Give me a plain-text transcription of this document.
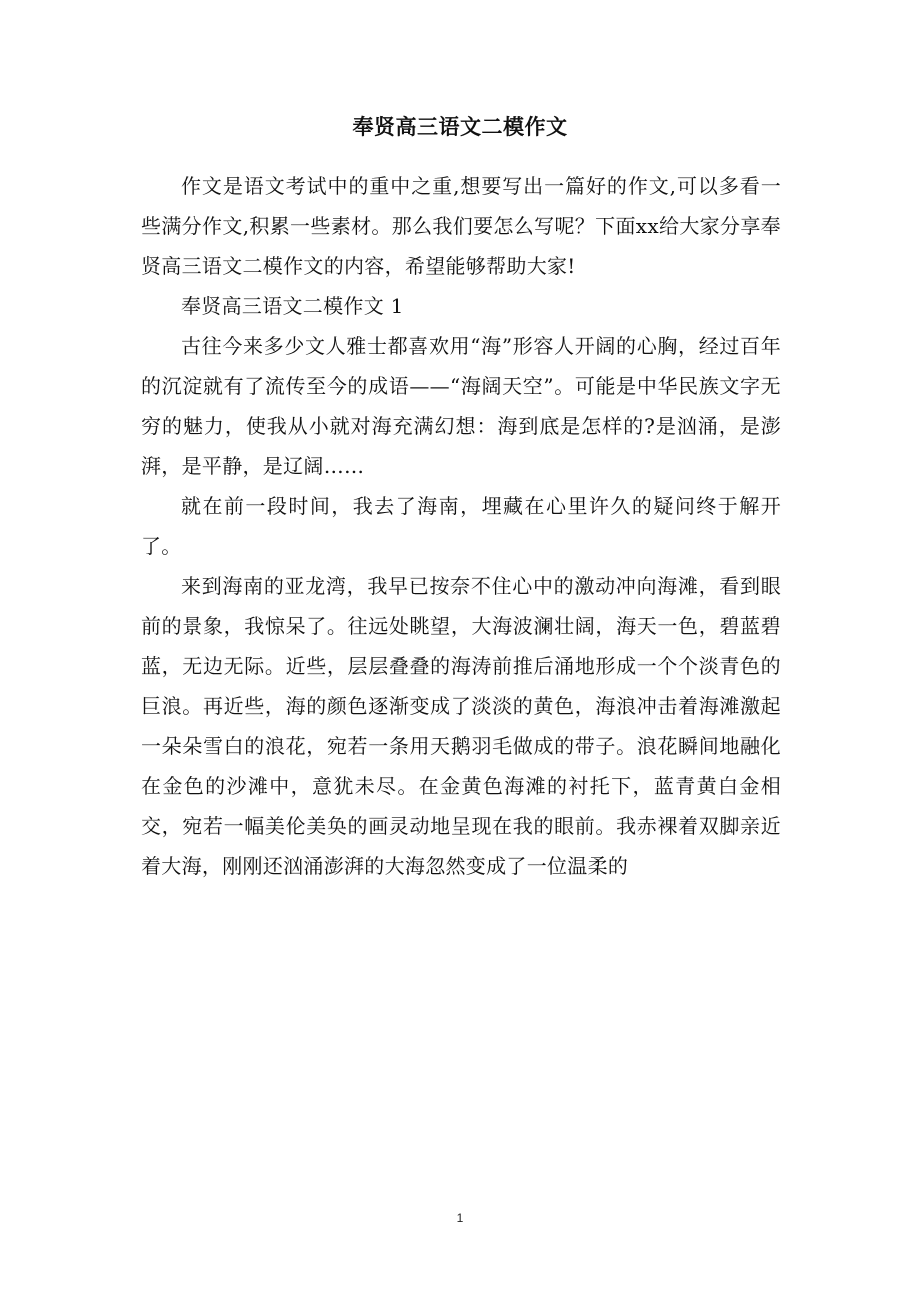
奉贤高三语文二模作文

作文是语文考试中的重中之重,想要写出一篇好的作文,可以多看一些满分作文,积累一些素材。那么我们要怎么写呢？下面xx给大家分享奉贤高三语文二模作文的内容，希望能够帮助大家!

奉贤高三语文二模作文 1

古往今来多少文人雅士都喜欢用“海”形容人开阔的心胸，经过百年的沉淀就有了流传至今的成语——“海阔天空”。可能是中华民族文字无穷的魅力，使我从小就对海充满幻想：海到底是怎样的?是汹涌，是澎湃，是平静，是辽阔……

就在前一段时间，我去了海南，埋藏在心里许久的疑问终于解开了。

来到海南的亚龙湾，我早已按奈不住心中的激动冲向海滩，看到眼前的景象，我惊呆了。往远处眺望，大海波澜壮阔，海天一色，碧蓝碧蓝，无边无际。近些，层层叠叠的海涛前推后涌地形成一个个淡青色的巨浪。再近些，海的颜色逐渐变成了淡淡的黄色，海浪冲击着海滩激起一朵朵雪白的浪花，宛若一条用天鹅羽毛做成的带子。浪花瞬间地融化在金色的沙滩中，意犹未尽。在金黄色海滩的衬托下，蓝青黄白金相交，宛若一幅美伦美奂的画灵动地呈现在我的眼前。我赤裸着双脚亲近着大海，刚刚还汹涌澎湃的大海忽然变成了一位温柔的

1
